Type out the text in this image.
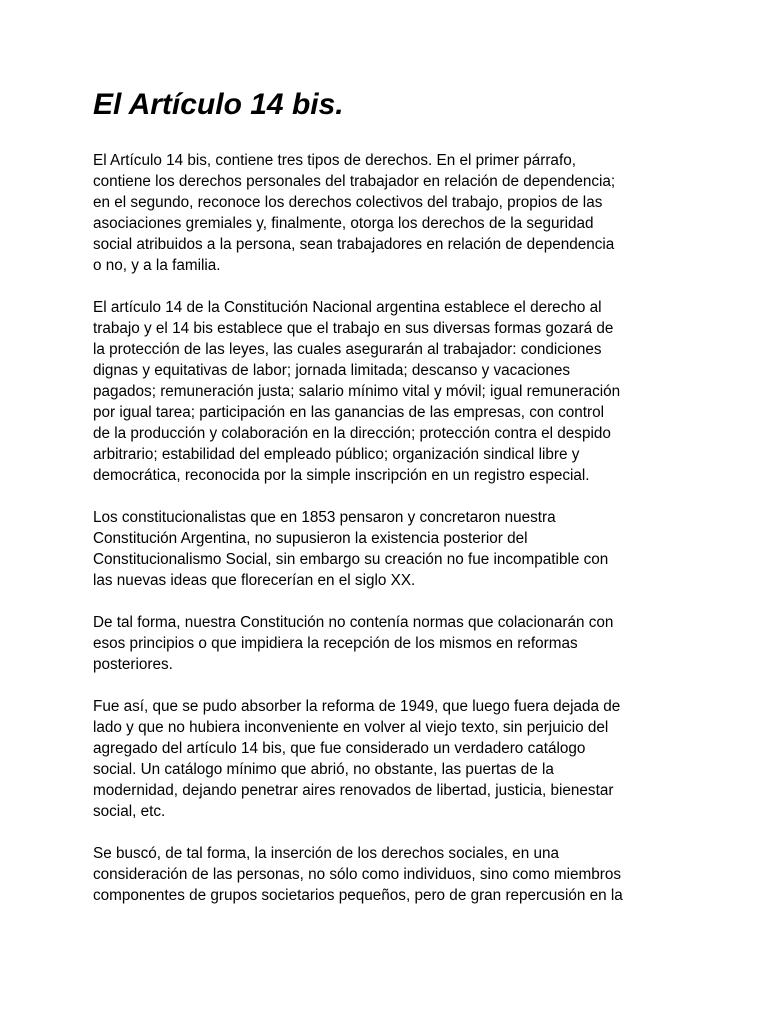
El Artículo 14 bis.
El Artículo 14 bis, contiene tres tipos de derechos. En el primer párrafo,
contiene los derechos personales del trabajador en relación de dependencia;
en el segundo, reconoce los derechos colectivos del trabajo, propios de las
asociaciones gremiales y, finalmente, otorga los derechos de la seguridad
social atribuidos a la persona, sean trabajadores en relación de dependencia
o no, y a la familia.
El artículo 14 de la Constitución Nacional argentina establece el derecho al
trabajo y el 14 bis establece que el trabajo en sus diversas formas gozará de
la protección de las leyes, las cuales asegurarán al trabajador: condiciones
dignas y equitativas de labor; jornada limitada; descanso y vacaciones
pagados; remuneración justa; salario mínimo vital y móvil; igual remuneración
por igual tarea; participación en las ganancias de las empresas, con control
de la producción y colaboración en la dirección; protección contra el despido
arbitrario; estabilidad del empleado público; organización sindical libre y
democrática, reconocida por la simple inscripción en un registro especial.
Los constitucionalistas que en 1853 pensaron y concretaron nuestra
Constitución Argentina, no supusieron la existencia posterior del
Constitucionalismo Social, sin embargo su creación no fue incompatible con
las nuevas ideas que florecerían en el siglo XX.
De tal forma, nuestra Constitución no contenía normas que colacionarán con
esos principios o que impidiera la recepción de los mismos en reformas
posteriores.
Fue así, que se pudo absorber la reforma de 1949, que luego fuera dejada de
lado y que no hubiera inconveniente en volver al viejo texto, sin perjuicio del
agregado del artículo 14 bis, que fue considerado un verdadero catálogo
social. Un catálogo mínimo que abrió, no obstante, las puertas de la
modernidad, dejando penetrar aires renovados de libertad, justicia, bienestar
social, etc.
Se buscó, de tal forma, la inserción de los derechos sociales, en una
consideración de las personas, no sólo como individuos, sino como miembros
componentes de grupos societarios pequeños, pero de gran repercusión en la
